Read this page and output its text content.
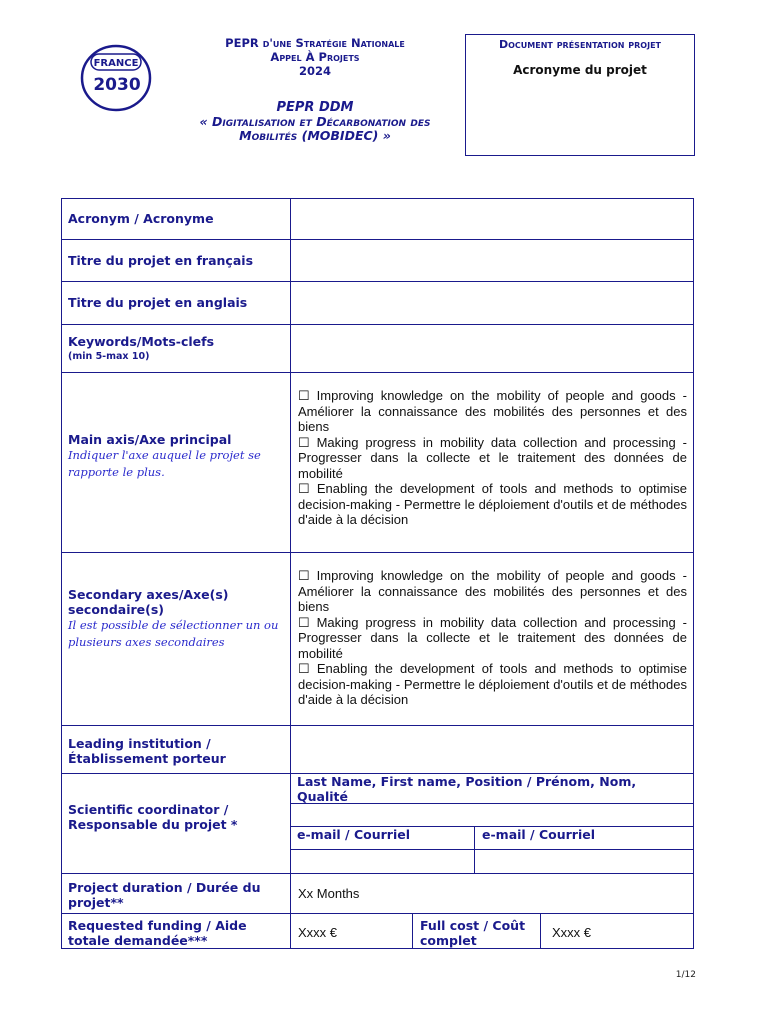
FRANCE
2030
PEPR d'une Stratégie Nationale
Appel À Projets
2024
PEPR DDM
« Digitalisation et Décarbonation des
Mobilités (MOBIDEC) »
Document présentation projet
Acronyme du projet
Acronym / Acronyme
Titre du projet en français
Titre du projet en anglais
Keywords/Mots-clefs
(min 5-max 10)
Main axis/Axe principal
Indiquer l'axe auquel le projet se rapporte le plus.
Secondary axes/Axe(s) secondaire(s)
Il est possible de sélectionner un ou plusieurs axes secondaires
Leading institution /Établissement porteur
Scientific coordinator / Responsable du projet *
Project duration / Durée du projet**
Requested funding / Aide totale demandée***
☐ Improving knowledge on the mobility of people and goods - Améliorer la connaissance des mobilités des personnes et des biens
☐ Making progress in mobility data collection and processing - Progresser dans la collecte et le traitement des données de mobilité
☐ Enabling the development of tools and methods to optimise decision-making - Permettre le déploiement d'outils et de méthodes d'aide à la décision
☐ Improving knowledge on the mobility of people and goods - Améliorer la connaissance des mobilités des personnes et des biens
☐ Making progress in mobility data collection and processing - Progresser dans la collecte et le traitement des données de mobilité
☐ Enabling the development of tools and methods to optimise decision-making - Permettre le déploiement d'outils et de méthodes d'aide à la décision
Last Name, First name, Position / Prénom, Nom, Qualité
e-mail / Courriel	e-mail / Courriel
Xx Months
Xxxx €	Full cost / Coût complet
Xxxx €
1/12
